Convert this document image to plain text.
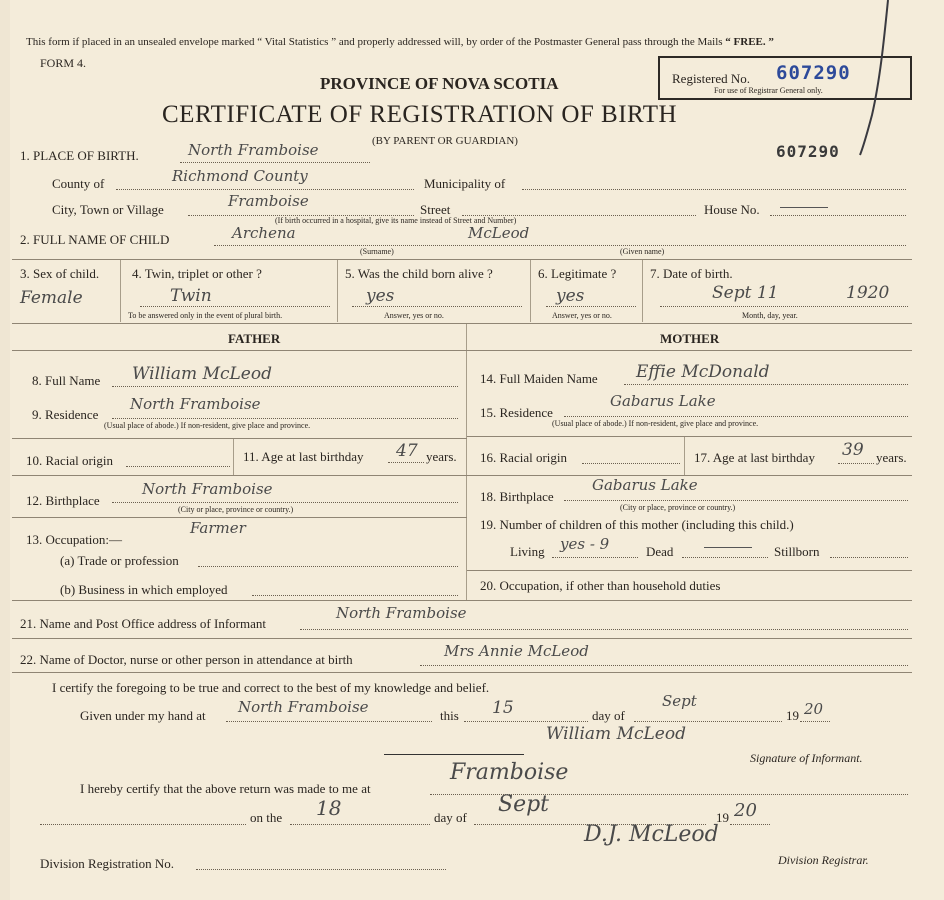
This form if placed in an unsealed envelope marked “ Vital Statistics ” and properly addressed will, by order of the Postmaster General pass through the Mails “ FREE. ”
FORM 4.
PROVINCE OF NOVA SCOTIA
CERTIFICATE OF REGISTRATION OF BIRTH
(BY PARENT OR GUARDIAN)
Registered No. 607290
For use of Registrar General only.
607290
1. PLACE OF BIRTH.	North Framboise
County of	Richmond County	Municipality of
City, Town or Village	Framboise	Street	House No.
(If birth occurred in a hospital, give its name instead of Street and Number)
2. FULL NAME OF CHILD	Archena	McLeod
(Surname)	(Given name)
3. Sex of child.
Female
4. Twin, triplet or other ?
Twin
To be answered only in the event of plural birth.
5. Was the child born alive ?
yes
Answer, yes or no.
6. Legitimate ?
yes
Answer, yes or no.
7. Date of birth.
Sept 11	1920
Month, day, year.
FATHER	MOTHER
8. Full Name William McLeod
9. Residence
North Framboise
(Usual place of abode.) If non-resident, give place and province.
10. Racial origin	11. Age at last birthday 47 years.
12. Birthplace
North Framboise
(City or place, province or country.)
13. Occupation:—
Farmer
(a) Trade or profession
(b) Business in which employed
14. Full Maiden Name Effie McDonald
15. Residence
Gabarus Lake
(Usual place of abode.) If non-resident, give place and province.
16. Racial origin	17. Age at last birthday 39 years.
18. Birthplace
Gabarus Lake
(City or place, province or country.)
19. Number of children of this mother (including this child.)
Living yes - 9	Dead	Stillborn
20. Occupation, if other than household duties
21. Name and Post Office address of Informant
North Framboise
22. Name of Doctor, nurse or other person in attendance at birth	Mrs Annie McLeod
I certify the foregoing to be true and correct to the best of my knowledge and belief.
Given under my hand at North Framboise	this 15	day of
Sept
19 20
William McLeod
Signature of Informant.
I hereby certify that the above return was made to me at
Framboise
on the 18	day of
Sept
19 20
D.J. McLeod
Division Registration No.	Division Registrar.
